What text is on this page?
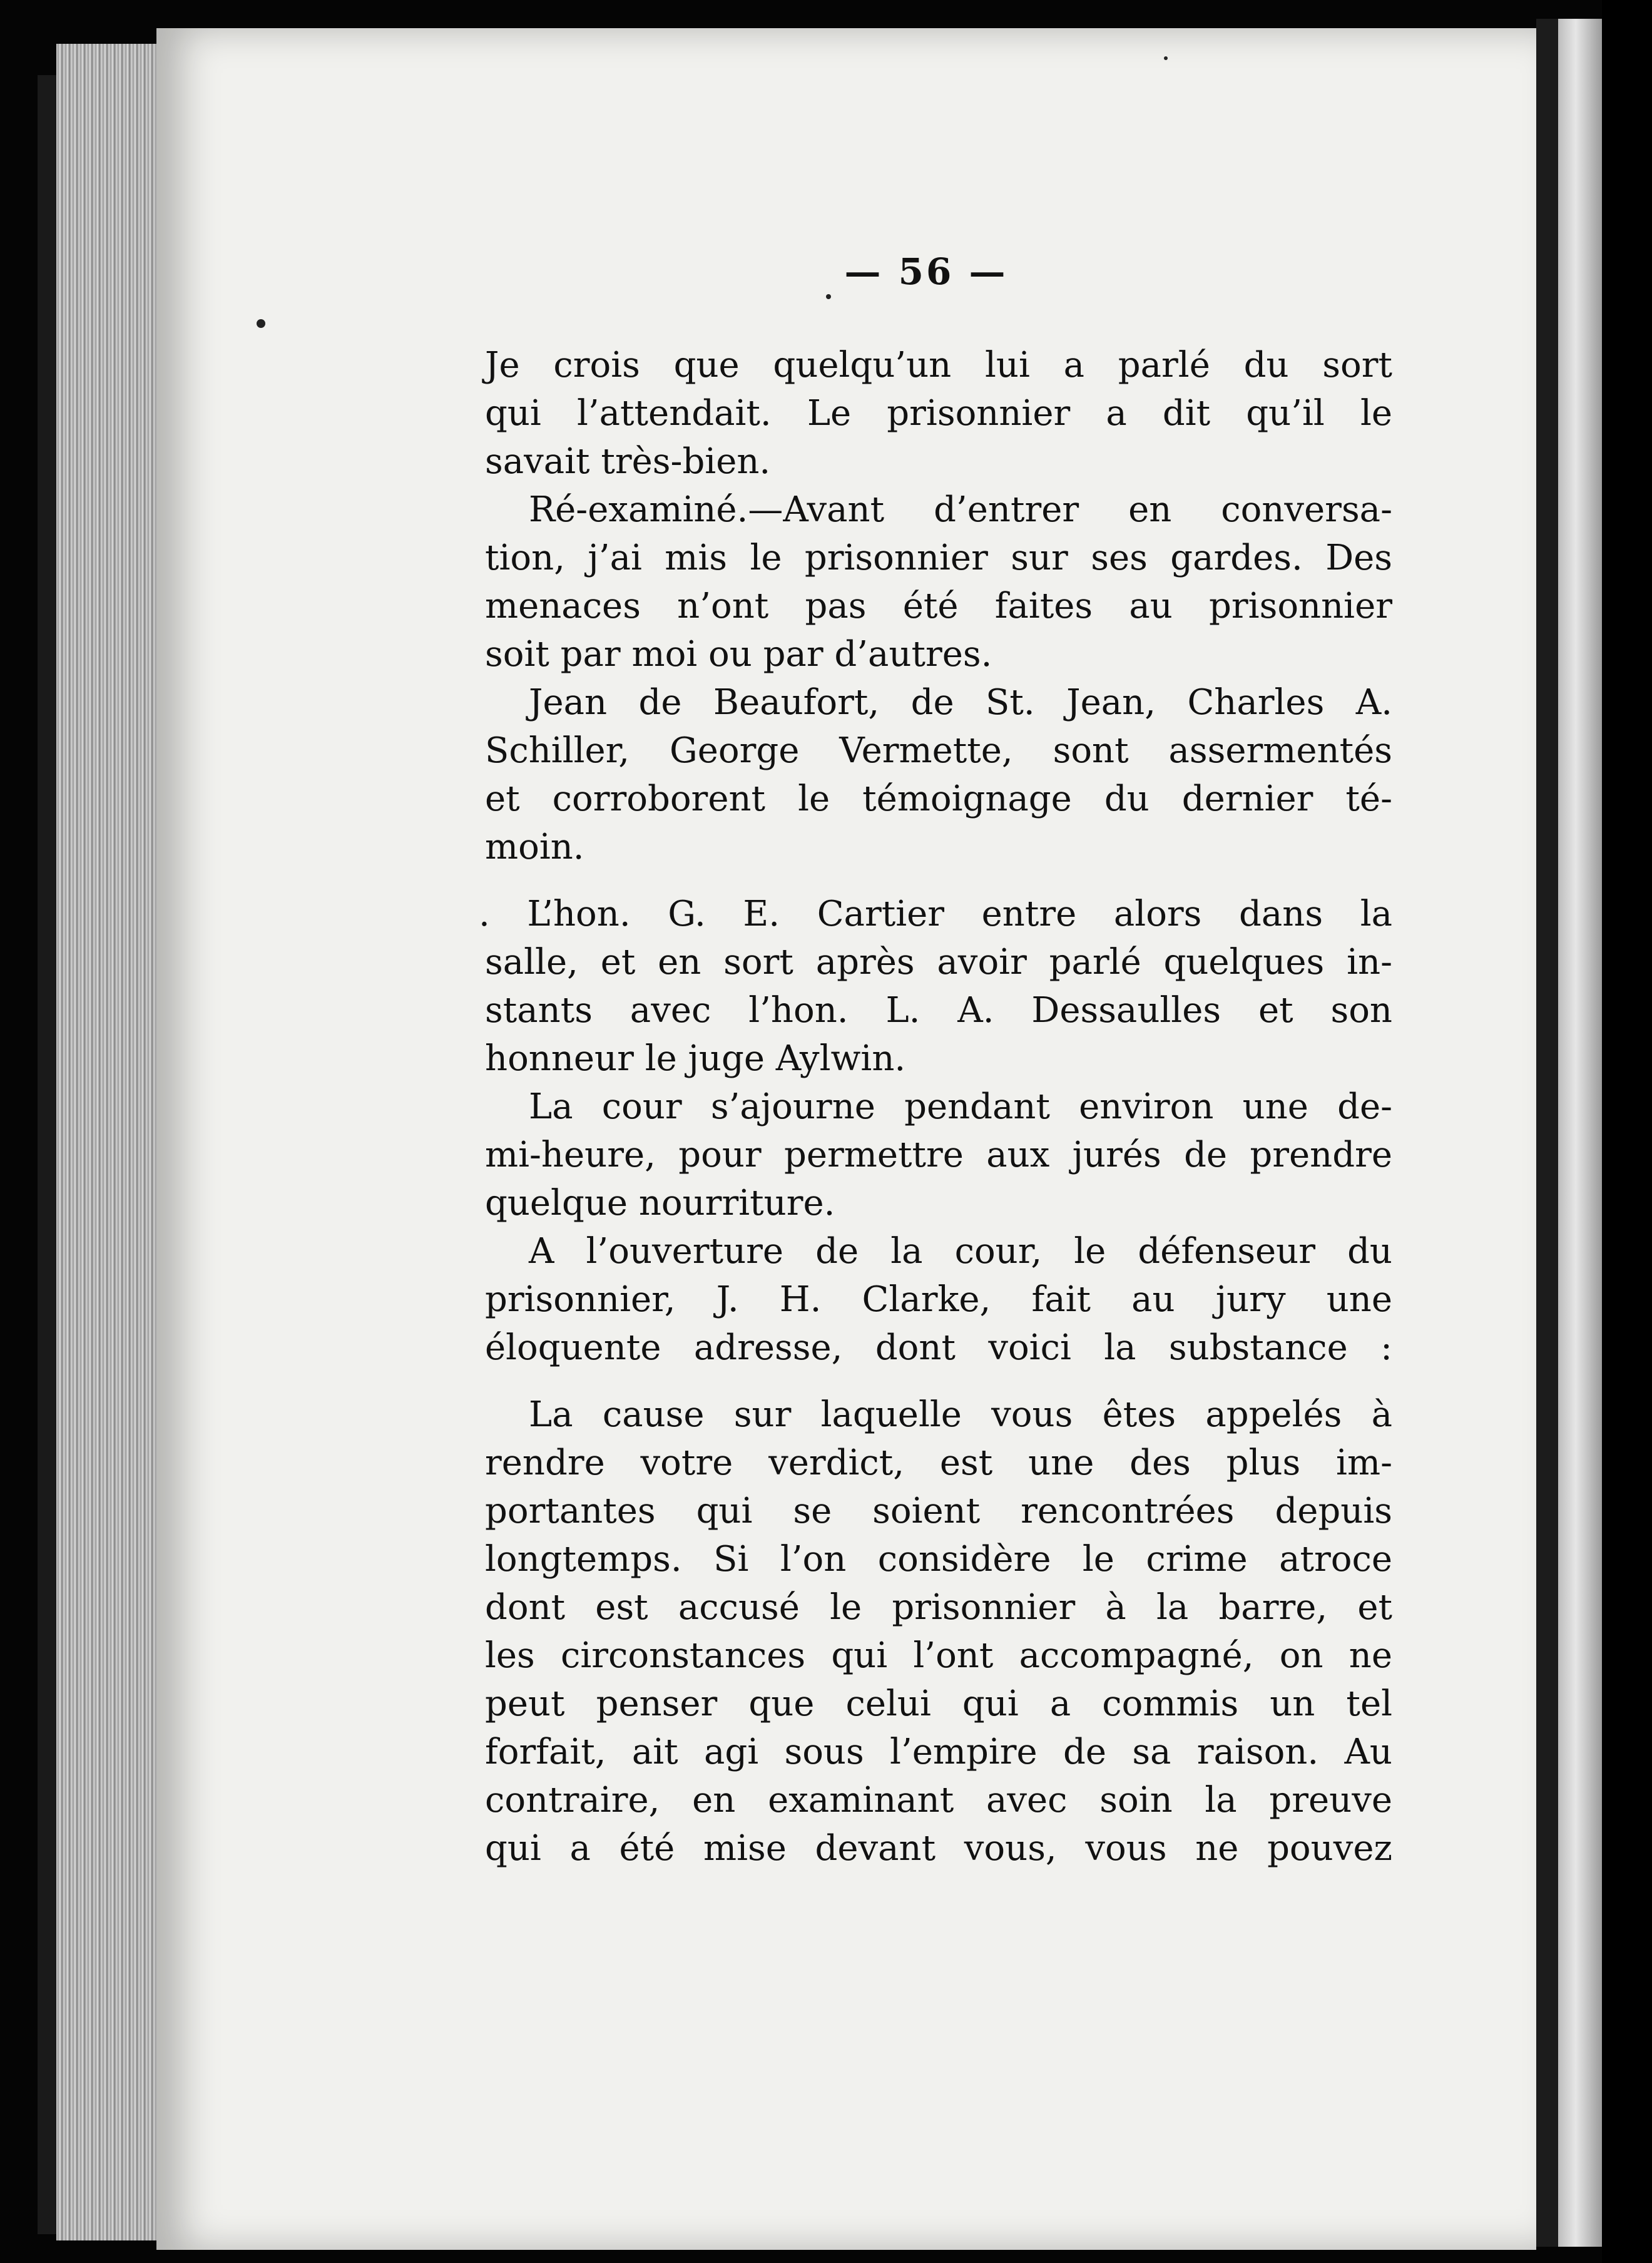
— 56 —
Je crois que quelqu’un lui a parlé du sort
qui l’attendait. Le prisonnier a dit qu’il le
savait très-bien.
Ré-examiné.—Avant d’entrer en conversa-
tion, j’ai mis le prisonnier sur ses gardes. Des
menaces n’ont pas été faites au prisonnier
soit par moi ou par d’autres.
Jean de Beaufort, de St. Jean, Charles A.
Schiller, George Vermette, sont assermentés
et corroborent le témoignage du dernier té-
moin.
. L’hon. G. E. Cartier entre alors dans la
salle, et en sort après avoir parlé quelques in-
stants avec l’hon. L. A. Dessaulles et son
honneur le juge Aylwin.
La cour s’ajourne pendant environ une de-
mi-heure, pour permettre aux jurés de prendre
quelque nourriture.
A l’ouverture de la cour, le défenseur du
prisonnier, J. H. Clarke, fait au jury une
éloquente adresse, dont voici la substance :
La cause sur laquelle vous êtes appelés à
rendre votre verdict, est une des plus im-
portantes qui se soient rencontrées depuis
longtemps. Si l’on considère le crime atroce
dont est accusé le prisonnier à la barre, et
les circonstances qui l’ont accompagné, on ne
peut penser que celui qui a commis un tel
forfait, ait agi sous l’empire de sa raison. Au
contraire, en examinant avec soin la preuve
qui a été mise devant vous, vous ne pouvez
